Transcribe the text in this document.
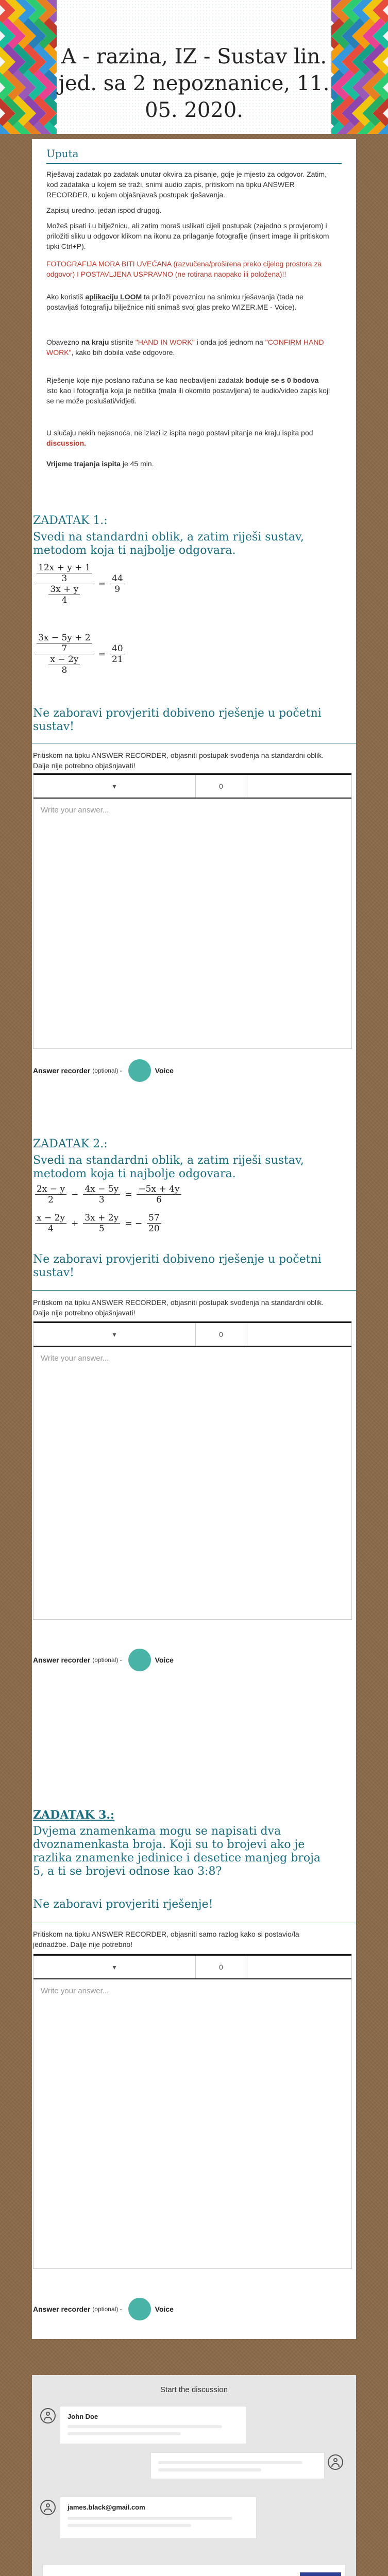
A - razina, IZ - Sustav lin. jed. sa 2 nepoznanice, 11. 05. 2020.
Uputa
Rješavaj zadatak po zadatak unutar okvira za pisanje, gdje je mjesto za odgovor. Zatim, kod zadataka u kojem se traži, snimi audio zapis, pritiskom na tipku ANSWER RECORDER, u kojem objašnjavaš postupak rješavanja.
Zapisuj uredno, jedan ispod drugog.
Možeš pisati i u bilježnicu, ali zatim moraš uslikati cijeli postupak (zajedno s provjerom) i priložiti sliku u odgovor klikom na ikonu za prilaganje fotografije (insert image ili pritiskom tipki Ctrl+P).
FOTOGRAFIJA MORA BITI UVEĆANA (razvučena/proširena preko cijelog prostora za odgovor) I POSTAVLJENA USPRAVNO (ne rotirana naopako ili položena)!!
Ako koristiš aplikaciju LOOM ta priloži poveznicu na snimku rješavanja (tada ne postavljaš fotografiju bilježnice niti snimaš svoj glas preko WIZER.ME - Voice).
Obavezno na kraju stisnite "HAND IN WORK" i onda još jednom na "CONFIRM HAND WORK", kako bih dobila vaše odgovore.
Rješenje koje nije poslano računa se kao neobavljeni zadatak boduje se s 0 bodova isto kao i fotografija koja je nečitka (mala ili okomito postavljena) te audio/video zapis koji se ne može poslušati/vidjeti.
U slučaju nekih nejasnoća, ne izlazi iz ispita nego postavi pitanje na kraju ispita pod discussion.
Vrijeme trajanja ispita je 45 min.
ZADATAK 1.:
Svedi na standardni oblik, a zatim riješi sustav, metodom koja ti najbolje odgovara.
$\frac{\frac{12x + y + 1}{3}}{\frac{3x + y}{4}} = \frac{44}{9}$
$\frac{\frac{3x - 5y + 2}{7}}{\frac{x - 2y}{8}} = \frac{40}{21}$
Ne zaboravi provjeriti dobiveno rješenje u početni sustav!
Pritiskom na tipku ANSWER RECORDER, objasniti postupak svođenja na standardni oblik. Dalje nije potrebno objašnjavati!
▾	0
Write your answer...
Answer recorder (optional) -	Voice
ZADATAK 2.:
Svedi na standardni oblik, a zatim riješi sustav, metodom koja ti najbolje odgovara.
$\frac{2x - y}{2} - \frac{4x - 5y}{3} = \frac{-5x + 4y}{6}$
$\frac{x - 2y}{4} + \frac{3x + 2y}{5}$ = − $\frac{57}{20}$
Ne zaboravi provjeriti dobiveno rješenje u početni sustav!
Pritiskom na tipku ANSWER RECORDER, objasniti postupak svođenja na standardni oblik. Dalje nije potrebno objašnjavati!
▾	0
Write your answer...
Answer recorder (optional) -	Voice
ZADATAK 3.:
Dvjema znamenkama mogu se napisati dva dvoznamenkasta broja. Koji su to brojevi ako je razlika znamenke jedinice i desetice manjeg broja 5, a ti se brojevi odnose kao 3:8?
Ne zaboravi provjeriti rješenje!
Pritiskom na tipku ANSWER RECORDER, objasniti samo razlog kako si postavio/la jednadžbe. Dalje nije potrebno!
▾	0
Write your answer...
Answer recorder (optional) -	Voice
Start the discussion
John Doe
james.black@gmail.com
